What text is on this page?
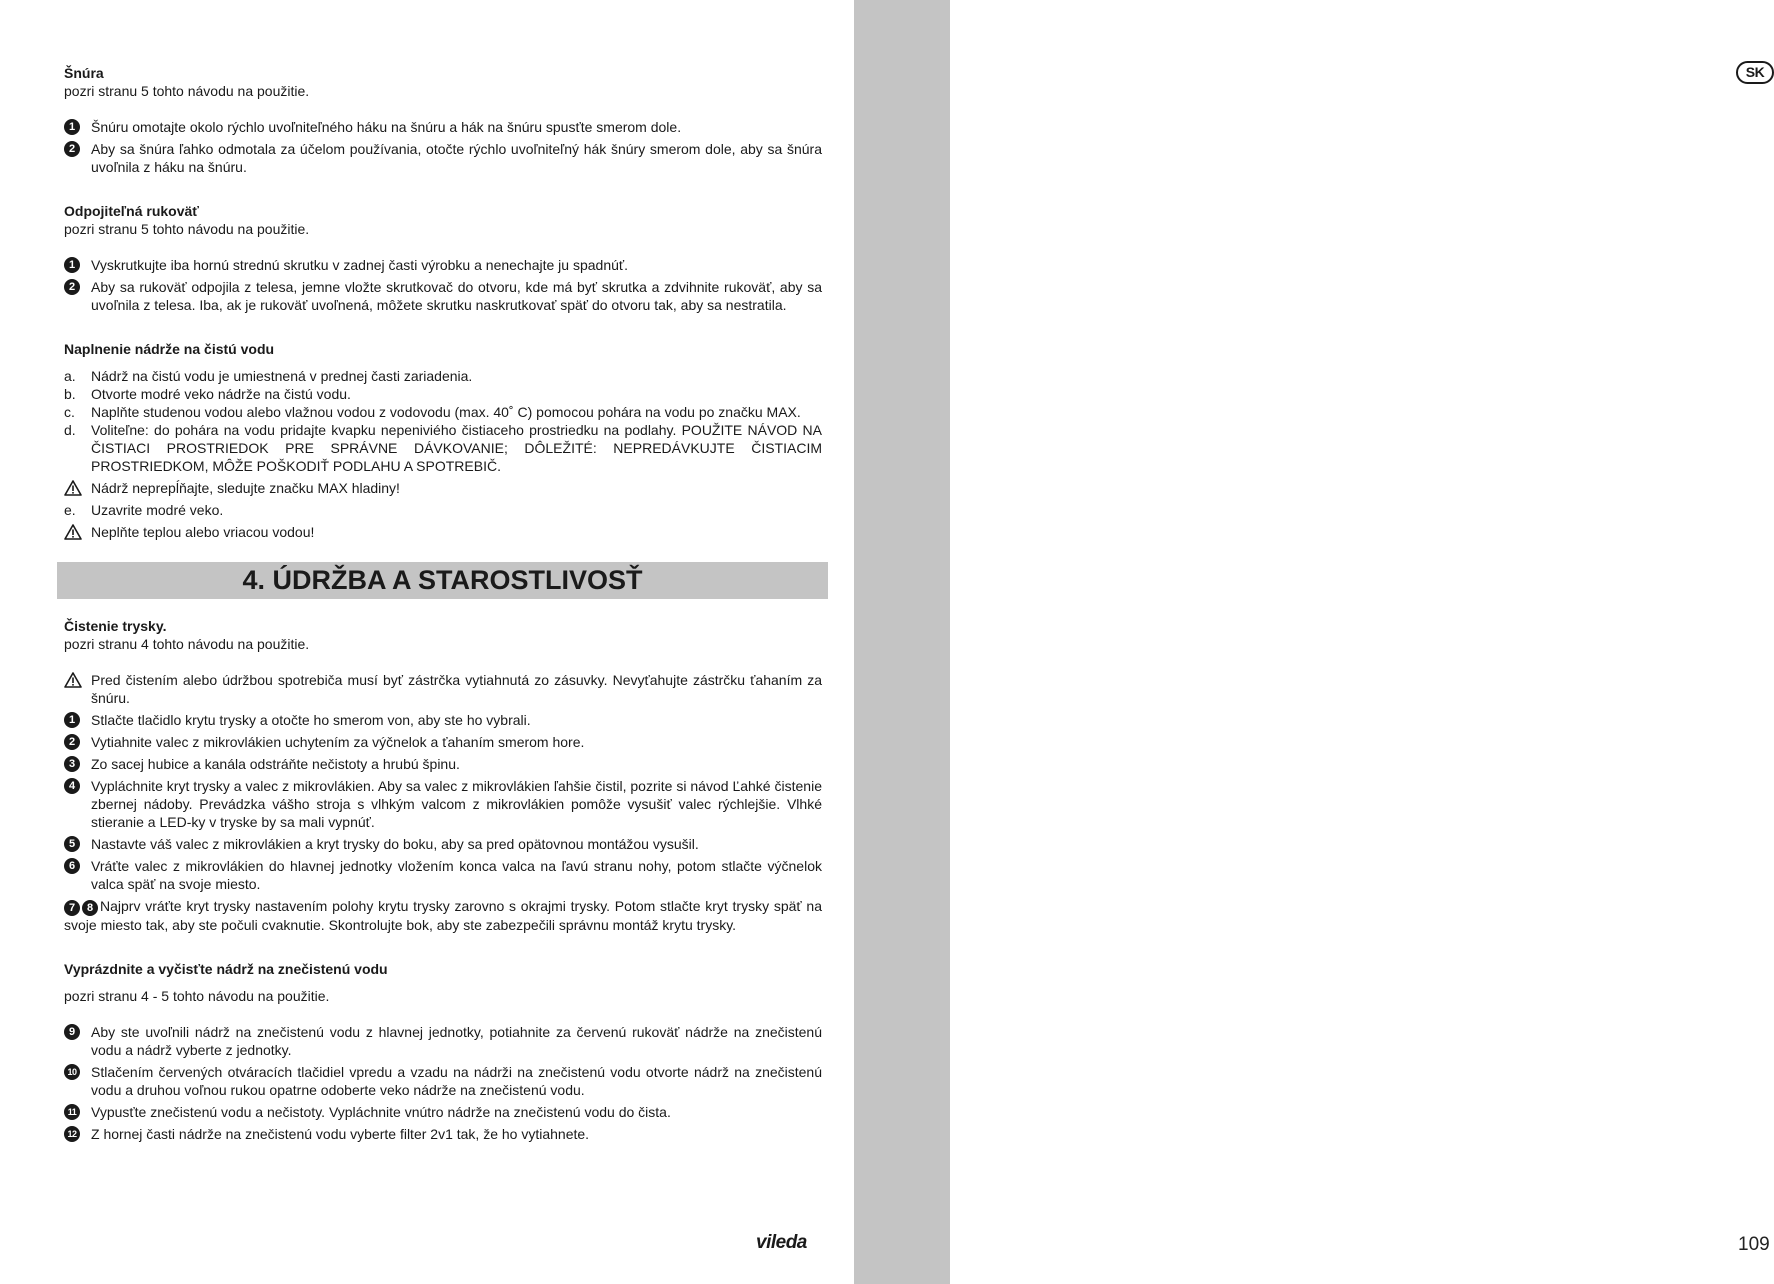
SK
109
Šnúra
pozri stranu 5 tohto návodu na použitie.
1	Šnúru omotajte okolo rýchlo uvoľniteľného háku na šnúru a hák na šnúru spusťte smerom dole.
2	Aby sa šnúra ľahko odmotala za účelom používania, otočte rýchlo uvoľniteľný hák šnúry smerom dole, aby sa šnúra uvoľnila z háku na šnúru.
Odpojiteľná rukoväť
pozri stranu 5 tohto návodu na použitie.
1	Vyskrutkujte iba hornú strednú skrutku v zadnej časti výrobku a nenechajte ju spadnúť.
2	Aby sa rukoväť odpojila z telesa, jemne vložte skrutkovač do otvoru, kde má byť skrutka a zdvihnite rukoväť, aby sa uvoľnila z telesa. Iba, ak je rukoväť uvoľnená, môžete skrutku naskrutkovať späť do otvoru tak, aby sa nestratila.
Naplnenie nádrže na čistú vodu
a. Nádrž na čistú vodu je umiestnená v prednej časti zariadenia.
b. Otvorte modré veko nádrže na čistú vodu.
c. Naplňte studenou vodou alebo vlažnou vodou z vodovodu (max. 40˚ C) pomocou pohára na vodu po značku MAX.
d. Voliteľne: do pohára na vodu pridajte kvapku nepeniviého čistiaceho prostriedku na podlahy. POUŽITE NÁVOD NA ČISTIACI PROSTRIEDOK PRE SPRÁVNE DÁVKOVANIE; DÔLEŽITÉ: NEPREDÁVKUJTE ČISTIACIM PROSTRIEDKOM, MÔŽE POŠKODIŤ PODLAHU A SPOTREBIČ.
Nádrž neprepĺňajte, sledujte značku MAX hladiny!
e. Uzavrite modré veko.
Neplňte teplou alebo vriacou vodou!
4. ÚDRŽBA A STAROSTLIVOSŤ
Čistenie trysky.
pozri stranu 4 tohto návodu na použitie.
Pred čistením alebo údržbou spotrebiča musí byť zástrčka vytiahnutá zo zásuvky. Nevyťahujte zástrčku ťahaním za šnúru.
1	Stlačte tlačidlo krytu trysky a otočte ho smerom von, aby ste ho vybrali.
2	Vytiahnite valec z mikrovlákien uchytením za výčnelok a ťahaním smerom hore.
3	Zo sacej hubice a kanála odstráňte nečistoty a hrubú špinu.
4	Vypláchnite kryt trysky a valec z mikrovlákien. Aby sa valec z mikrovlákien ľahšie čistil, pozrite si návod Ľahké čistenie zbernej nádoby. Prevádzka vášho stroja s vlhkým valcom z mikrovlákien pomôže vysušiť valec rýchlejšie. Vlhké stieranie a LED-ky v tryske by sa mali vypnúť.
5	Nastavte váš valec z mikrovlákien a kryt trysky do boku, aby sa pred opätovnou montážou vysušil.
6	Vráťte valec z mikrovlákien do hlavnej jednotky vložením konca valca na ľavú stranu nohy, potom stlačte výčnelok valca späť na svoje miesto.
7 8 Najprv vráťte kryt trysky nastavením polohy krytu trysky zarovno s okrajmi trysky. Potom stlačte kryt trysky späť na svoje miesto tak, aby ste počuli cvaknutie. Skontrolujte bok, aby ste zabezpečili správnu montáž krytu trysky.
Vyprázdnite a vyčisťte nádrž na znečistenú vodu
pozri stranu 4 - 5 tohto návodu na použitie.
9	Aby ste uvoľnili nádrž na znečistenú vodu z hlavnej jednotky, potiahnite za červenú rukoväť nádrže na znečistenú vodu a nádrž vyberte z jednotky.
10 Stlačením červených otváracích tlačidiel vpredu a vzadu na nádrži na znečistenú vodu otvorte nádrž na znečistenú vodu a druhou voľnou rukou opatrne odoberte veko nádrže na znečistenú vodu.
11 Vypusťte znečistenú vodu a nečistoty. Vypláchnite vnútro nádrže na znečistenú vodu do čista.
12 Z hornej časti nádrže na znečistenú vodu vyberte filter 2v1 tak, že ho vytiahnete.
vileda
